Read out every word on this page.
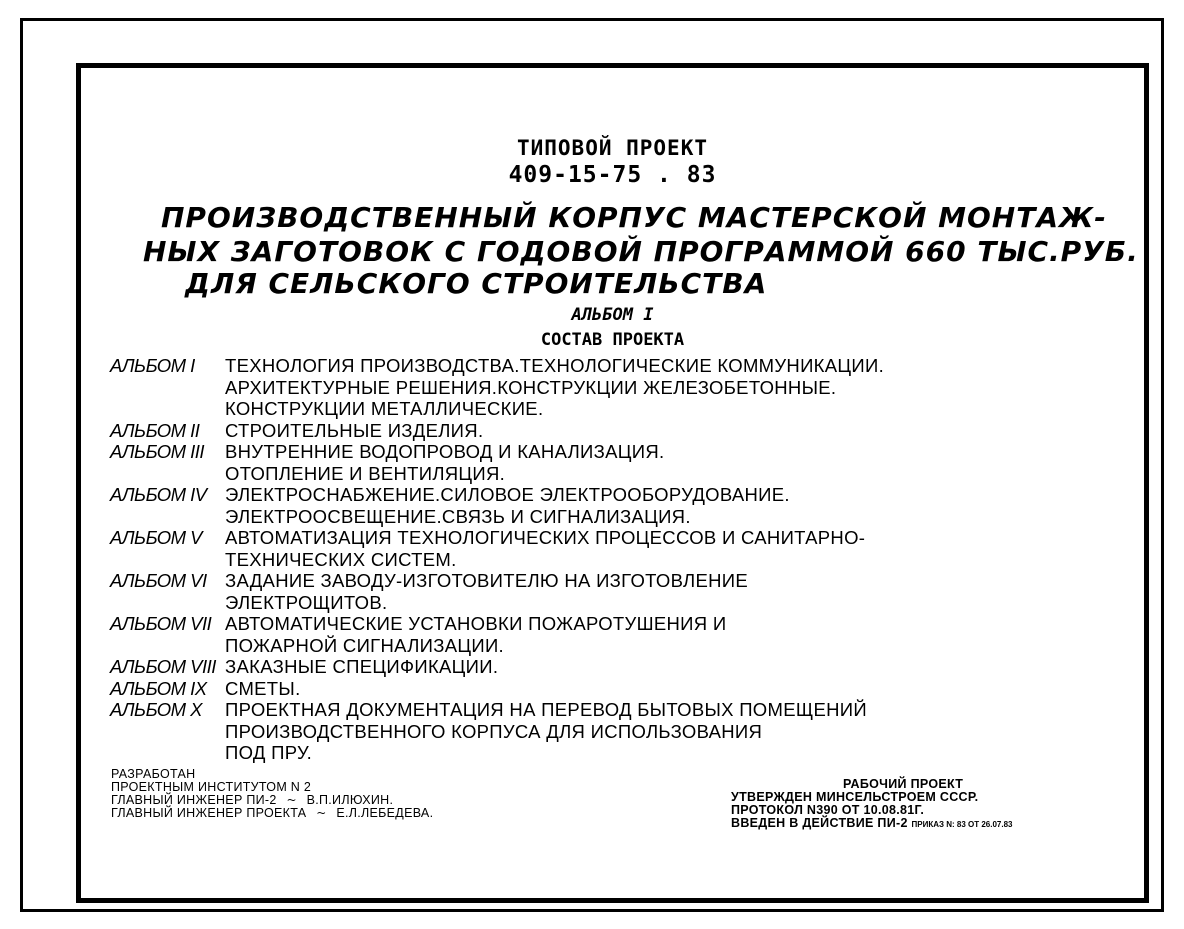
ТИПОВОЙ ПРОЕКТ
409-15-75 . 83
ПРОИЗВОДСТВЕННЫЙ КОРПУС МАСТЕРСКОЙ МОНТАЖ-
НЫХ ЗАГОТОВОК С ГОДОВОЙ ПРОГРАММОЙ 660 ТЫС.РУБ.
ДЛЯ СЕЛЬСКОГО СТРОИТЕЛЬСТВА
АЛЬБОМ I
СОСТАВ ПРОЕКТА
АЛЬБОМ I	ТЕХНОЛОГИЯ ПРОИЗВОДСТВА.ТЕХНОЛОГИЧЕСКИЕ КОММУНИКАЦИИ.
АРХИТЕКТУРНЫЕ РЕШЕНИЯ.КОНСТРУКЦИИ ЖЕЛЕЗОБЕТОННЫЕ.
КОНСТРУКЦИИ МЕТАЛЛИЧЕСКИЕ.
АЛЬБОМ II	СТРОИТЕЛЬНЫЕ ИЗДЕЛИЯ.
АЛЬБОМ III	ВНУТРЕННИЕ ВОДОПРОВОД И КАНАЛИЗАЦИЯ.
ОТОПЛЕНИЕ И ВЕНТИЛЯЦИЯ.
АЛЬБОМ IV ЭЛЕКТРОСНАБЖЕНИЕ.СИЛОВОЕ ЭЛЕКТРООБОРУДОВАНИЕ.
ЭЛЕКТРООСВЕЩЕНИЕ.СВЯЗЬ И СИГНАЛИЗАЦИЯ.
АЛЬБОМ V	АВТОМАТИЗАЦИЯ ТЕХНОЛОГИЧЕСКИХ ПРОЦЕССОВ И САНИТАРНО-
ТЕХНИЧЕСКИХ СИСТЕМ.
АЛЬБОМ VI ЗАДАНИЕ ЗАВОДУ-ИЗГОТОВИТЕЛЮ НА ИЗГОТОВЛЕНИЕ
ЭЛЕКТРОЩИТОВ.
АЛЬБОМ VII АВТОМАТИЧЕСКИЕ УСТАНОВКИ ПОЖАРОТУШЕНИЯ И
ПОЖАРНОЙ СИГНАЛИЗАЦИИ.
АЛЬБОМ VIII ЗАКАЗНЫЕ СПЕЦИФИКАЦИИ.
АЛЬБОМ IX СМЕТЫ.
АЛЬБОМ X	ПРОЕКТНАЯ ДОКУМЕНТАЦИЯ НА ПЕРЕВОД БЫТОВЫХ ПОМЕЩЕНИЙ
ПРОИЗВОДСТВЕННОГО КОРПУСА ДЛЯ ИСПОЛЬЗОВАНИЯ
ПОД ПРУ.
РАЗРАБОТАН
ПРОЕКТНЫМ ИНСТИТУТОМ N 2
ГЛАВНЫЙ ИНЖЕНЕР ПИ-2 ~ В.П.ИЛЮХИН.
ГЛАВНЫЙ ИНЖЕНЕР ПРОЕКТА ~ Е.Л.ЛЕБЕДЕВА.
РАБОЧИЙ ПРОЕКТ
УТВЕРЖДЕН МИНСЕЛЬСТРОЕМ СССР.
ПРОТОКОЛ N390 ОТ 10.08.81Г.
ВВЕДЕН В ДЕЙСТВИЕ ПИ-2 ПРИКАЗ N: 83 ОТ 26.07.83
